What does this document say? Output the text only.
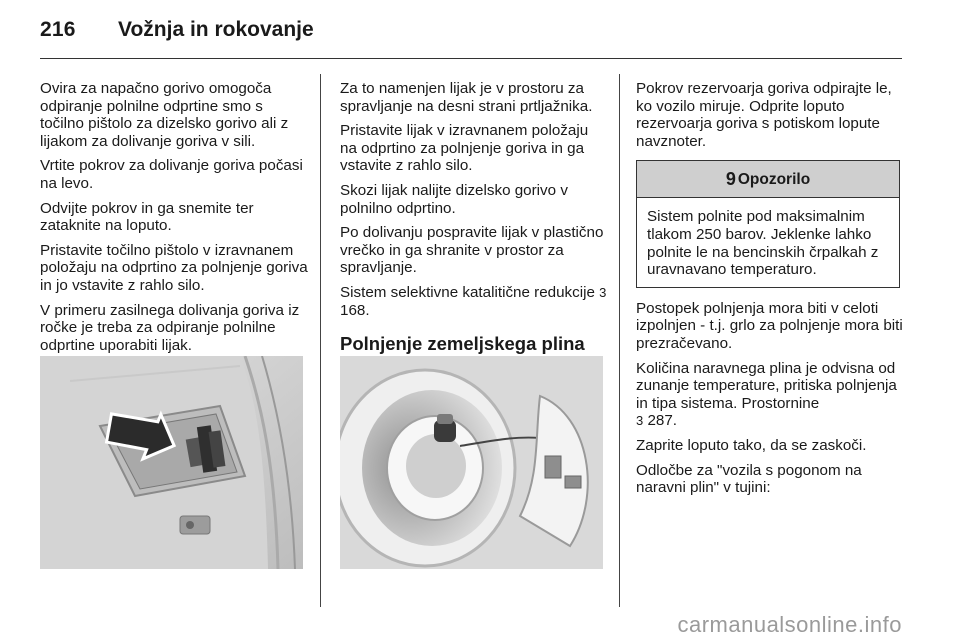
216 Vožnja in rokovanje

Ovira za napačno gorivo omogoča odpiranje polnilne odprtine smo s točilno pištolo za dizelsko gorivo ali z lijakom za dolivanje goriva v sili.

Vrtite pokrov za dolivanje goriva počasi na levo.

Odvijte pokrov in ga snemite ter zataknite na loputo.

Pristavite točilno pištolo v izravnanem položaju na odprtino za polnjenje goriva in jo vstavite z rahlo silo.

V primeru zasilnega dolivanja goriva iz ročke je treba za odpiranje polnilne odprtine uporabiti lijak.

Za to namenjen lijak je v prostoru za spravljanje na desni strani prtljažnika.

Pristavite lijak v izravnanem položaju na odprtino za polnjenje goriva in ga vstavite z rahlo silo.

Skozi lijak nalijte dizelsko gorivo v polnilno odprtino.

Po dolivanju pospravite lijak v plastično vrečko in ga shranite v prostor za spravljanje.

Sistem selektivne katalitične redukcije 3 168.

Polnjenje zemeljskega plina

Pokrov rezervoarja goriva odpirajte le, ko vozilo miruje. Odprite loputo rezervoarja goriva s potiskom lopute navznoter.

9 Opozorilo
Sistem polnite pod maksimalnim tlakom 250 barov. Jeklenke lahko polnite le na bencinskih črpalkah z uravnavano temperaturo.

Postopek polnjenja mora biti v celoti izpolnjen - t.j. grlo za polnjenje mora biti prezračevano.

Količina naravnega plina je odvisna od zunanje temperature, pritiska polnjenja in tipa sistema. Prostornine
3 287.

Zaprite loputo tako, da se zaskoči.

Odločbe za "vozila s pogonom na naravni plin" v tujini:

carmanualsonline.info
